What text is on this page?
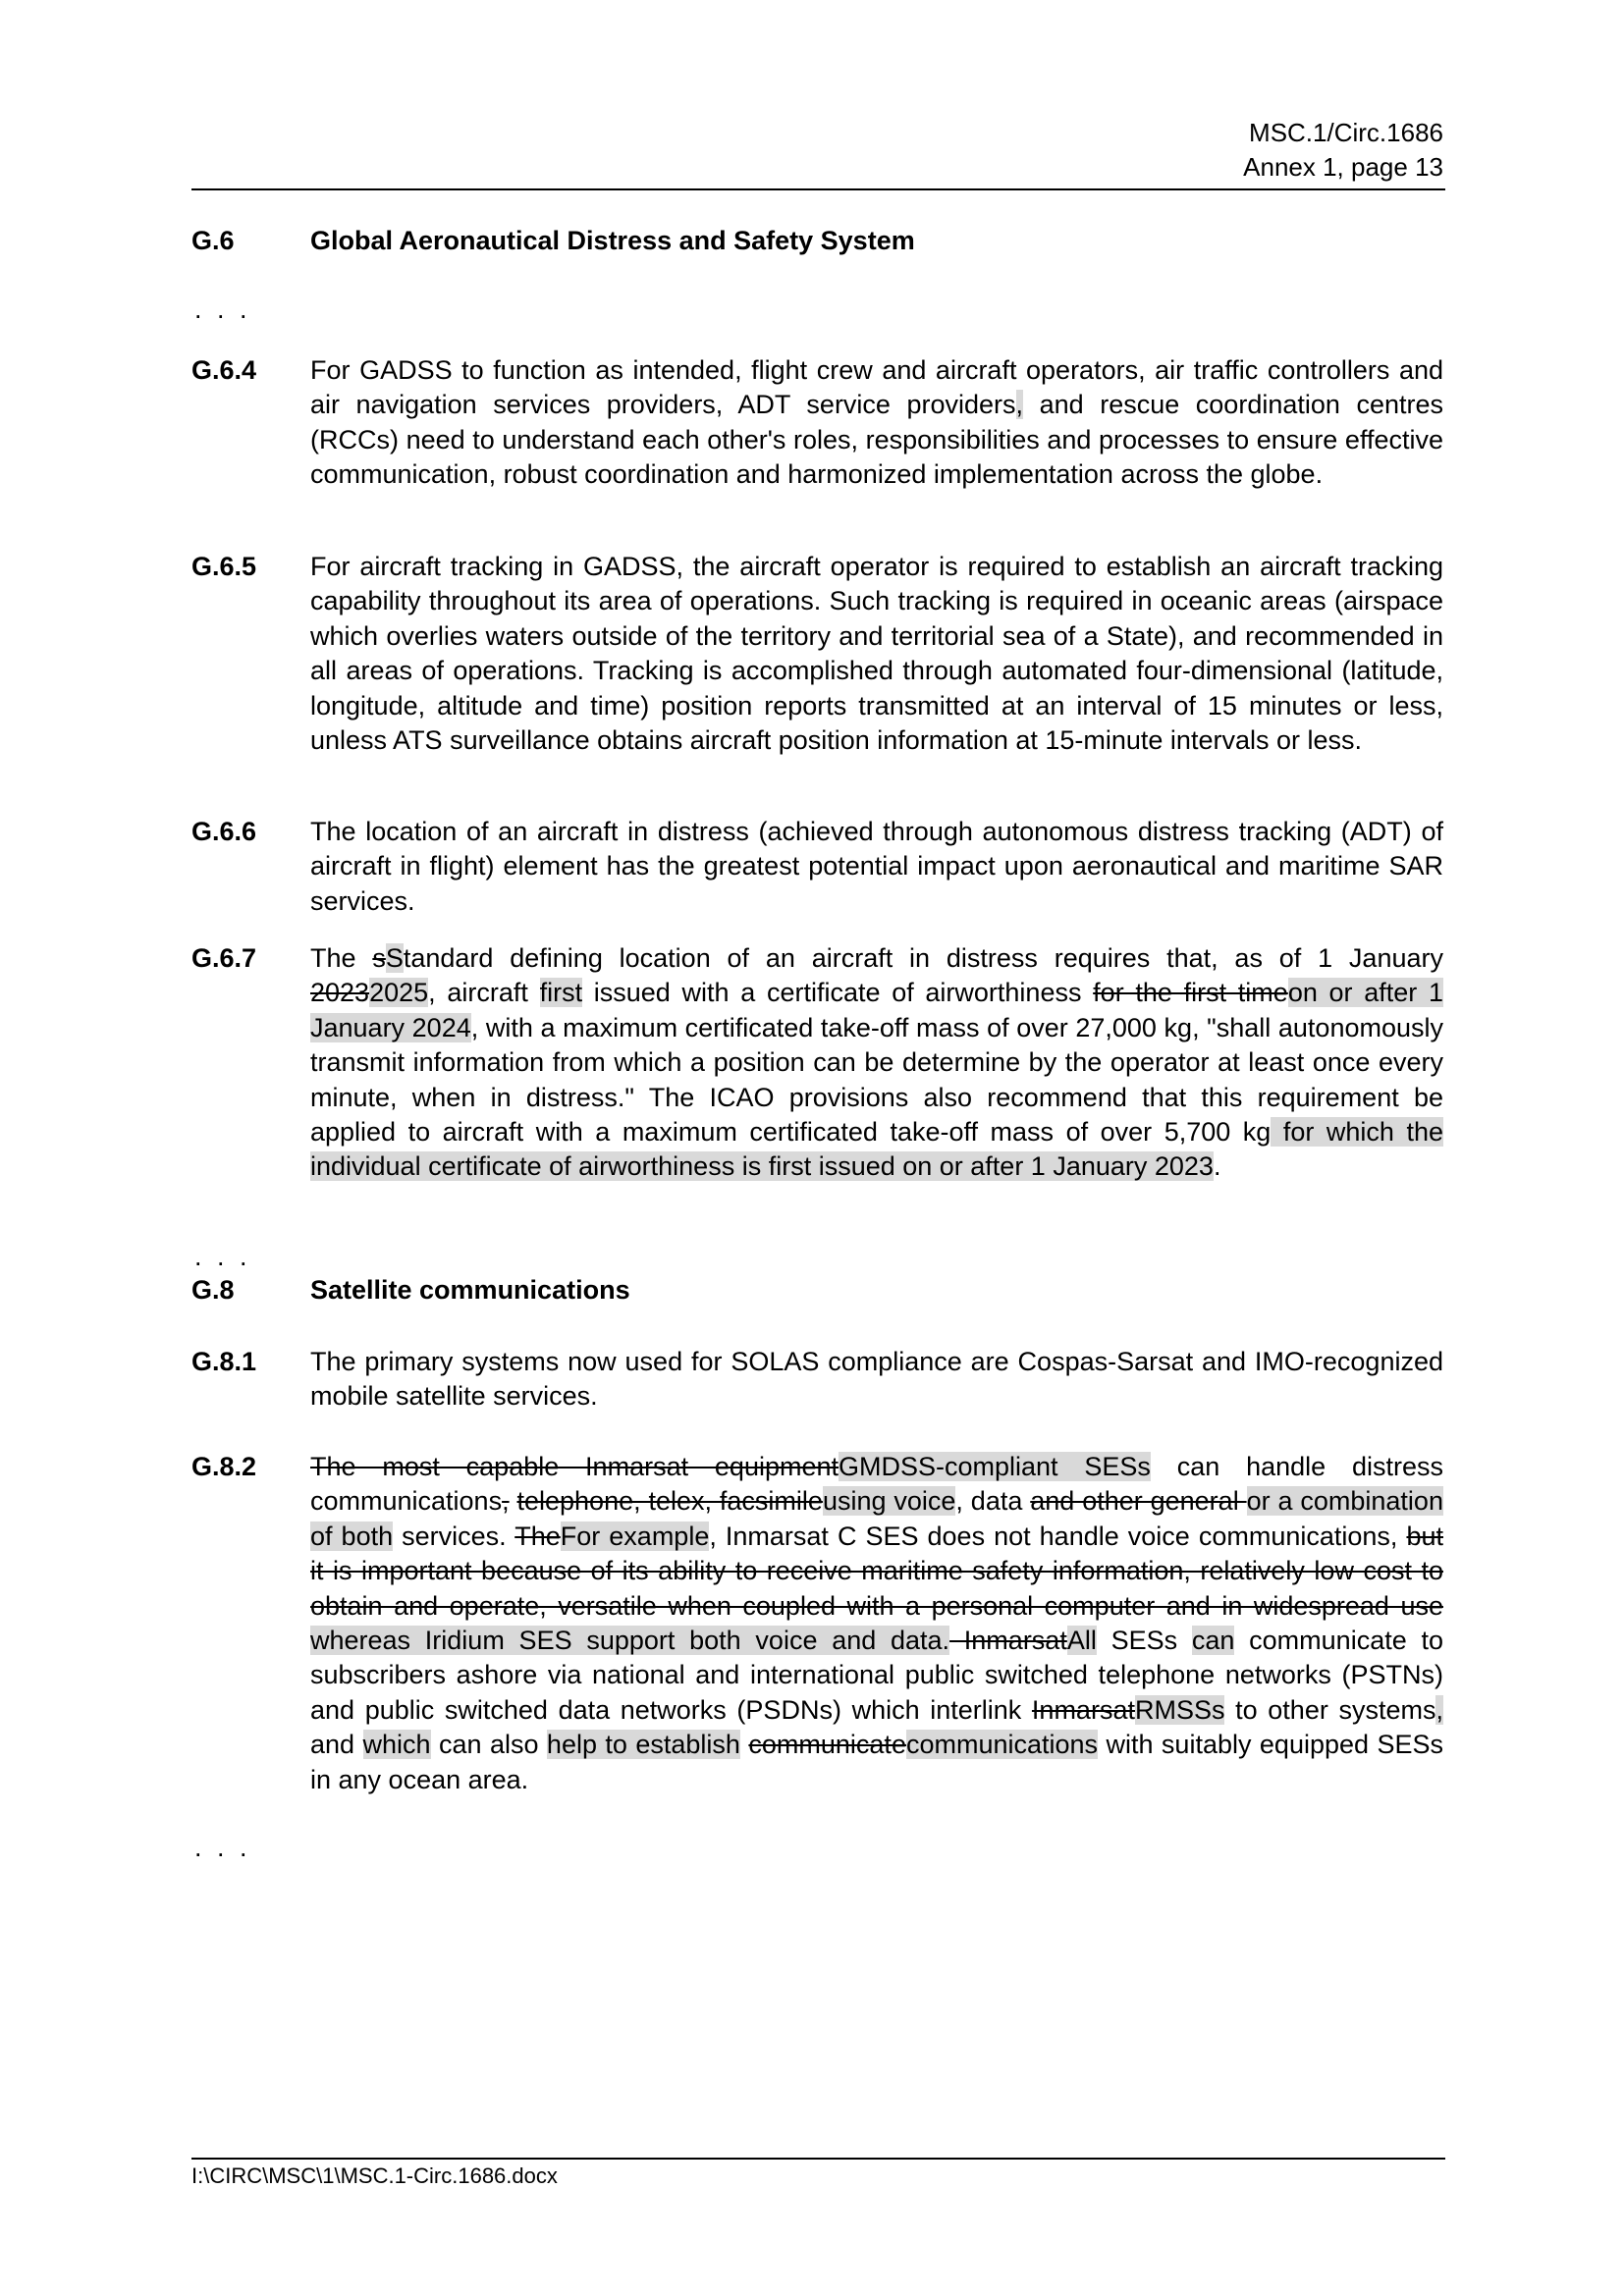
MSC.1/Circ.1686
Annex 1, page 13
G.6	Global Aeronautical Distress and Safety System
. . .
G.6.4 For GADSS to function as intended, flight crew and aircraft operators, air traffic controllers and air navigation services providers, ADT service providers, and rescue coordination centres (RCCs) need to understand each other's roles, responsibilities and processes to ensure effective communication, robust coordination and harmonized implementation across the globe.
G.6.5 For aircraft tracking in GADSS, the aircraft operator is required to establish an aircraft tracking capability throughout its area of operations. Such tracking is required in oceanic areas (airspace which overlies waters outside of the territory and territorial sea of a State), and recommended in all areas of operations. Tracking is accomplished through automated four-dimensional (latitude, longitude, altitude and time) position reports transmitted at an interval of 15 minutes or less, unless ATS surveillance obtains aircraft position information at 15-minute intervals or less.
G.6.6 The location of an aircraft in distress (achieved through autonomous distress tracking (ADT) of aircraft in flight) element has the greatest potential impact upon aeronautical and maritime SAR services.
G.6.7 The sStandard defining location of an aircraft in distress requires that, as of 1 January 20232025, aircraft first issued with a certificate of airworthiness for the first timeon or after 1 January 2024, with a maximum certificated take-off mass of over 27,000 kg, "shall autonomously transmit information from which a position can be determine by the operator at least once every minute, when in distress." The ICAO provisions also recommend that this requirement be applied to aircraft with a maximum certificated take-off mass of over 5,700 kg for which the individual certificate of airworthiness is first issued on or after 1 January 2023.
. . .
G.8	Satellite communications
G.8.1 The primary systems now used for SOLAS compliance are Cospas-Sarsat and IMO-recognized mobile satellite services.
G.8.2 The most capable Inmarsat equipmentGMDSS-compliant SESs can handle distress communications, telephone, telex, facsimileusing voice, data and other general or a combination of both services. TheFor example, Inmarsat C SES does not handle voice communications, but it is important because of its ability to receive maritime safety information, relatively low cost to obtain and operate, versatile when coupled with a personal computer and in widespread use whereas Iridium SES support both voice and data. InmarsatAll SESs can communicate to subscribers ashore via national and international public switched telephone networks (PSTNs) and public switched data networks (PSDNs) which interlink InmarsatRMSSs to other systems, and which can also help to establish communicatecommunications with suitably equipped SESs in any ocean area.
. . .
I:\CIRC\MSC\1\MSC.1-Circ.1686.docx
